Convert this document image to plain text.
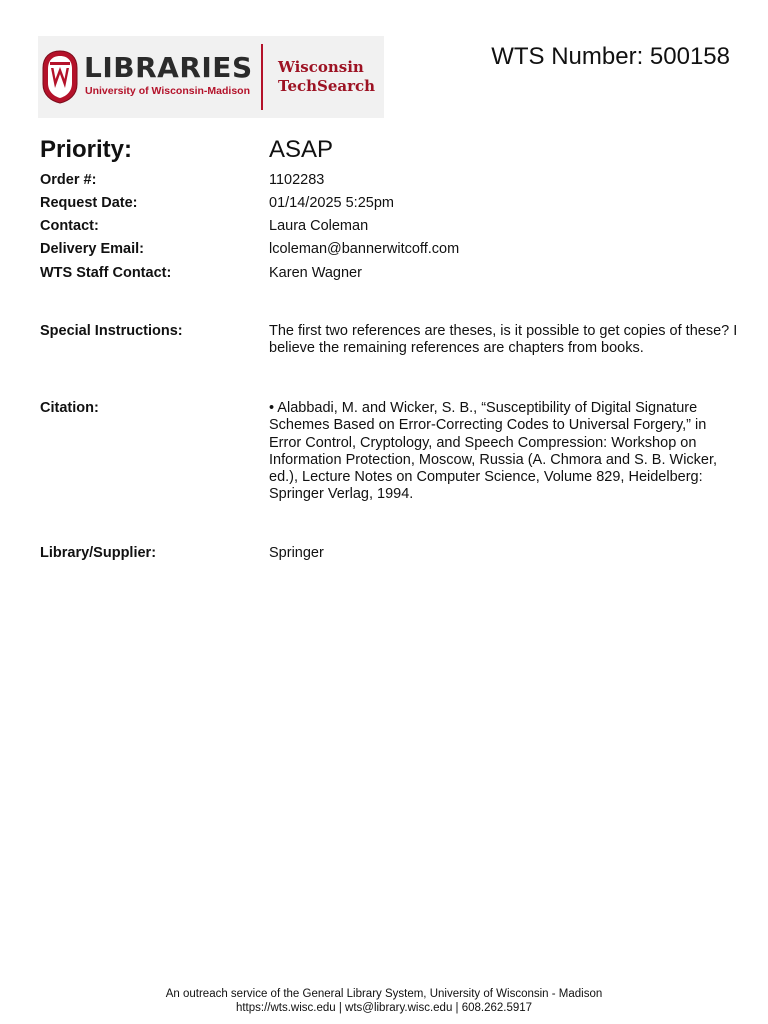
LIBRARIES
University of Wisconsin-Madison
Wisconsin
TechSearch
WTS Number: 500158
Priority:	ASAP
Order #:	1102283
Request Date:	01/14/2025 5:25pm
Contact:	Laura Coleman
Delivery Email:	lcoleman@bannerwitcoff.com
WTS Staff Contact:	Karen Wagner
Special Instructions:	The first two references are theses, is it possible to get copies of these? I believe the remaining references are chapters from books.
Citation:	• Alabbadi, M. and Wicker, S. B., “Susceptibility of Digital Signature Schemes Based on Error-Correcting Codes to Universal Forgery,” in Error Control, Cryptology, and Speech Compression: Workshop on Information Protection, Moscow, Russia (A. Chmora and S. B. Wicker, ed.), Lecture Notes on Computer Science, Volume 829, Heidelberg: Springer Verlag, 1994.
Library/Supplier:	Springer
An outreach service of the General Library System, University of Wisconsin - Madison
https://wts.wisc.edu | wts@library.wisc.edu | 608.262.5917
